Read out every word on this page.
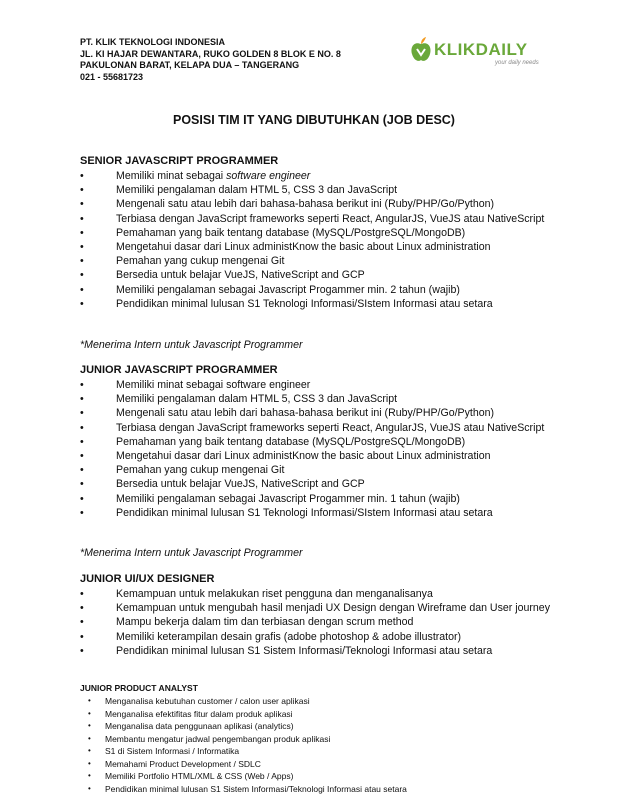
PT. KLIK TEKNOLOGI INDONESIA
JL. KI HAJAR DEWANTARA, RUKO GOLDEN 8 BLOK E NO. 8
PAKULONAN BARAT, KELAPA DUA – TANGERANG
021 - 55681723
KLIKDAILY
your daily needs
POSISI TIM IT YANG DIBUTUHKAN (JOB DESC)
SENIOR JAVASCRIPT PROGRAMMER
•	Memiliki minat sebagai software engineer
•	Memiliki pengalaman dalam HTML 5, CSS 3 dan JavaScript
•	Mengenali satu atau lebih dari bahasa-bahasa berikut ini (Ruby/PHP/Go/Python)
•	Terbiasa dengan JavaScript frameworks seperti React, AngularJS, VueJS atau NativeScript
•	Pemahaman yang baik tentang database (MySQL/PostgreSQL/MongoDB)
•	Mengetahui dasar dari Linux administKnow the basic about Linux administration
•	Pemahan yang cukup mengenai Git
•	Bersedia untuk belajar VueJS, NativeScript and GCP
•	Memiliki pengalaman sebagai Javascript Progammer min. 2 tahun (wajib)
•	Pendidikan minimal lulusan S1 Teknologi Informasi/SIstem Informasi atau setara
*Menerima Intern untuk Javascript Programmer
JUNIOR JAVASCRIPT PROGRAMMER
•	Memiliki minat sebagai software engineer
•	Memiliki pengalaman dalam HTML 5, CSS 3 dan JavaScript
•	Mengenali satu atau lebih dari bahasa-bahasa berikut ini (Ruby/PHP/Go/Python)
•	Terbiasa dengan JavaScript frameworks seperti React, AngularJS, VueJS atau NativeScript
•	Pemahaman yang baik tentang database (MySQL/PostgreSQL/MongoDB)
•	Mengetahui dasar dari Linux administKnow the basic about Linux administration
•	Pemahan yang cukup mengenai Git
•	Bersedia untuk belajar VueJS, NativeScript and GCP
•	Memiliki pengalaman sebagai Javascript Progammer min. 1 tahun (wajib)
•	Pendidikan minimal lulusan S1 Teknologi Informasi/SIstem Informasi atau setara
*Menerima Intern untuk Javascript Programmer
JUNIOR UI/UX DESIGNER
•	Kemampuan untuk melakukan riset pengguna dan menganalisanya
•	Kemampuan untuk mengubah hasil menjadi UX Design dengan Wireframe dan User journey
•	Mampu bekerja dalam tim dan terbiasan dengan scrum method
•	Memiliki keterampilan desain grafis (adobe photoshop & adobe illustrator)
•	Pendidikan minimal lulusan S1 Sistem Informasi/Teknologi Informasi atau setara
JUNIOR PRODUCT ANALYST
• Menganalisa kebutuhan customer / calon user aplikasi
• Menganalisa efektifitas fitur dalam produk aplikasi
• Menganalisa data penggunaan aplikasi (analytics)
• Membantu mengatur jadwal pengembangan produk aplikasi
• S1 di Sistem Informasi / Informatika
• Memahami Product Development / SDLC
• Memiliki Portfolio HTML/XML & CSS (Web / Apps)
• Pendidikan minimal lulusan S1 Sistem Informasi/Teknologi Informasi atau setara
